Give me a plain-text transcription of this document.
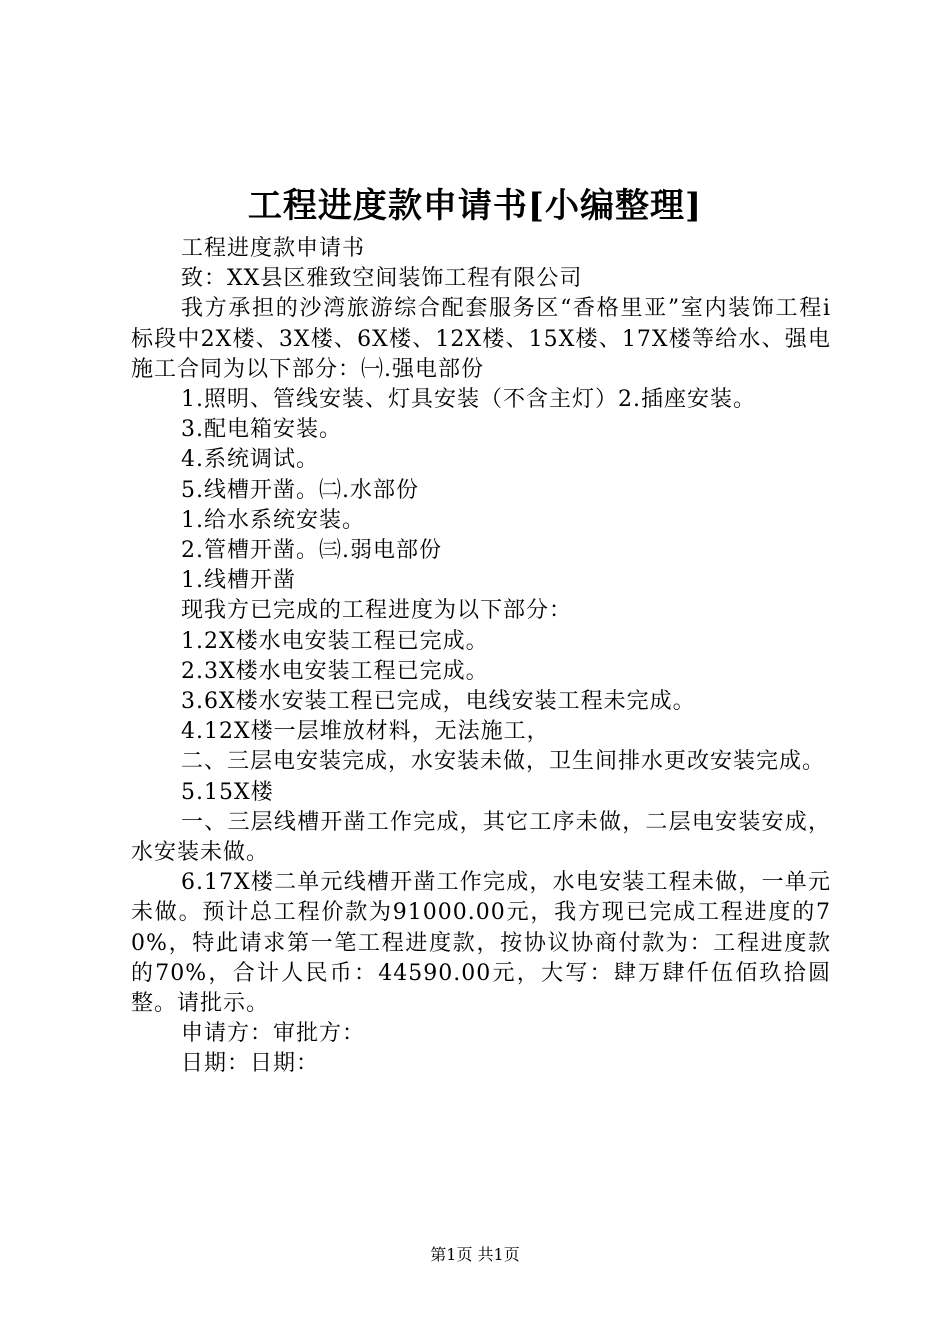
工程进度款申请书[小编整理]

工程进度款申请书

致：XX县区雅致空间装饰工程有限公司

我方承担的沙湾旅游综合配套服务区“香格里亚”室内装饰工程ⅰ标段中2X楼、3X楼、6X楼、12X楼、15X楼、17X楼等给水、强电施工合同为以下部分：㈠.强电部份

1.照明、管线安装、灯具安装（不含主灯）2.插座安装。

3.配电箱安装。

4.系统调试。

5.线槽开凿。㈡.水部份

1.给水系统安装。

2.管槽开凿。㈢.弱电部份

1.线槽开凿

现我方已完成的工程进度为以下部分：

1.2X楼水电安装工程已完成。

2.3X楼水电安装工程已完成。

3.6X楼水安装工程已完成，电线安装工程未完成。

4.12X楼一层堆放材料，无法施工，

二、三层电安装完成，水安装未做，卫生间排水更改安装完成。

5.15X楼

一、三层线槽开凿工作完成，其它工序未做，二层电安装安成，水安装未做。

6.17X楼二单元线槽开凿工作完成，水电安装工程未做，一单元未做。预计总工程价款为91000.00元，我方现已完成工程进度的70%，特此请求第一笔工程进度款，按协议协商付款为：工程进度款的70%，合计人民币：44590.00元，大写：肆万肆仟伍佰玖拾圆整。请批示。

申请方：审批方：

日期：日期：

第1页 共1页
